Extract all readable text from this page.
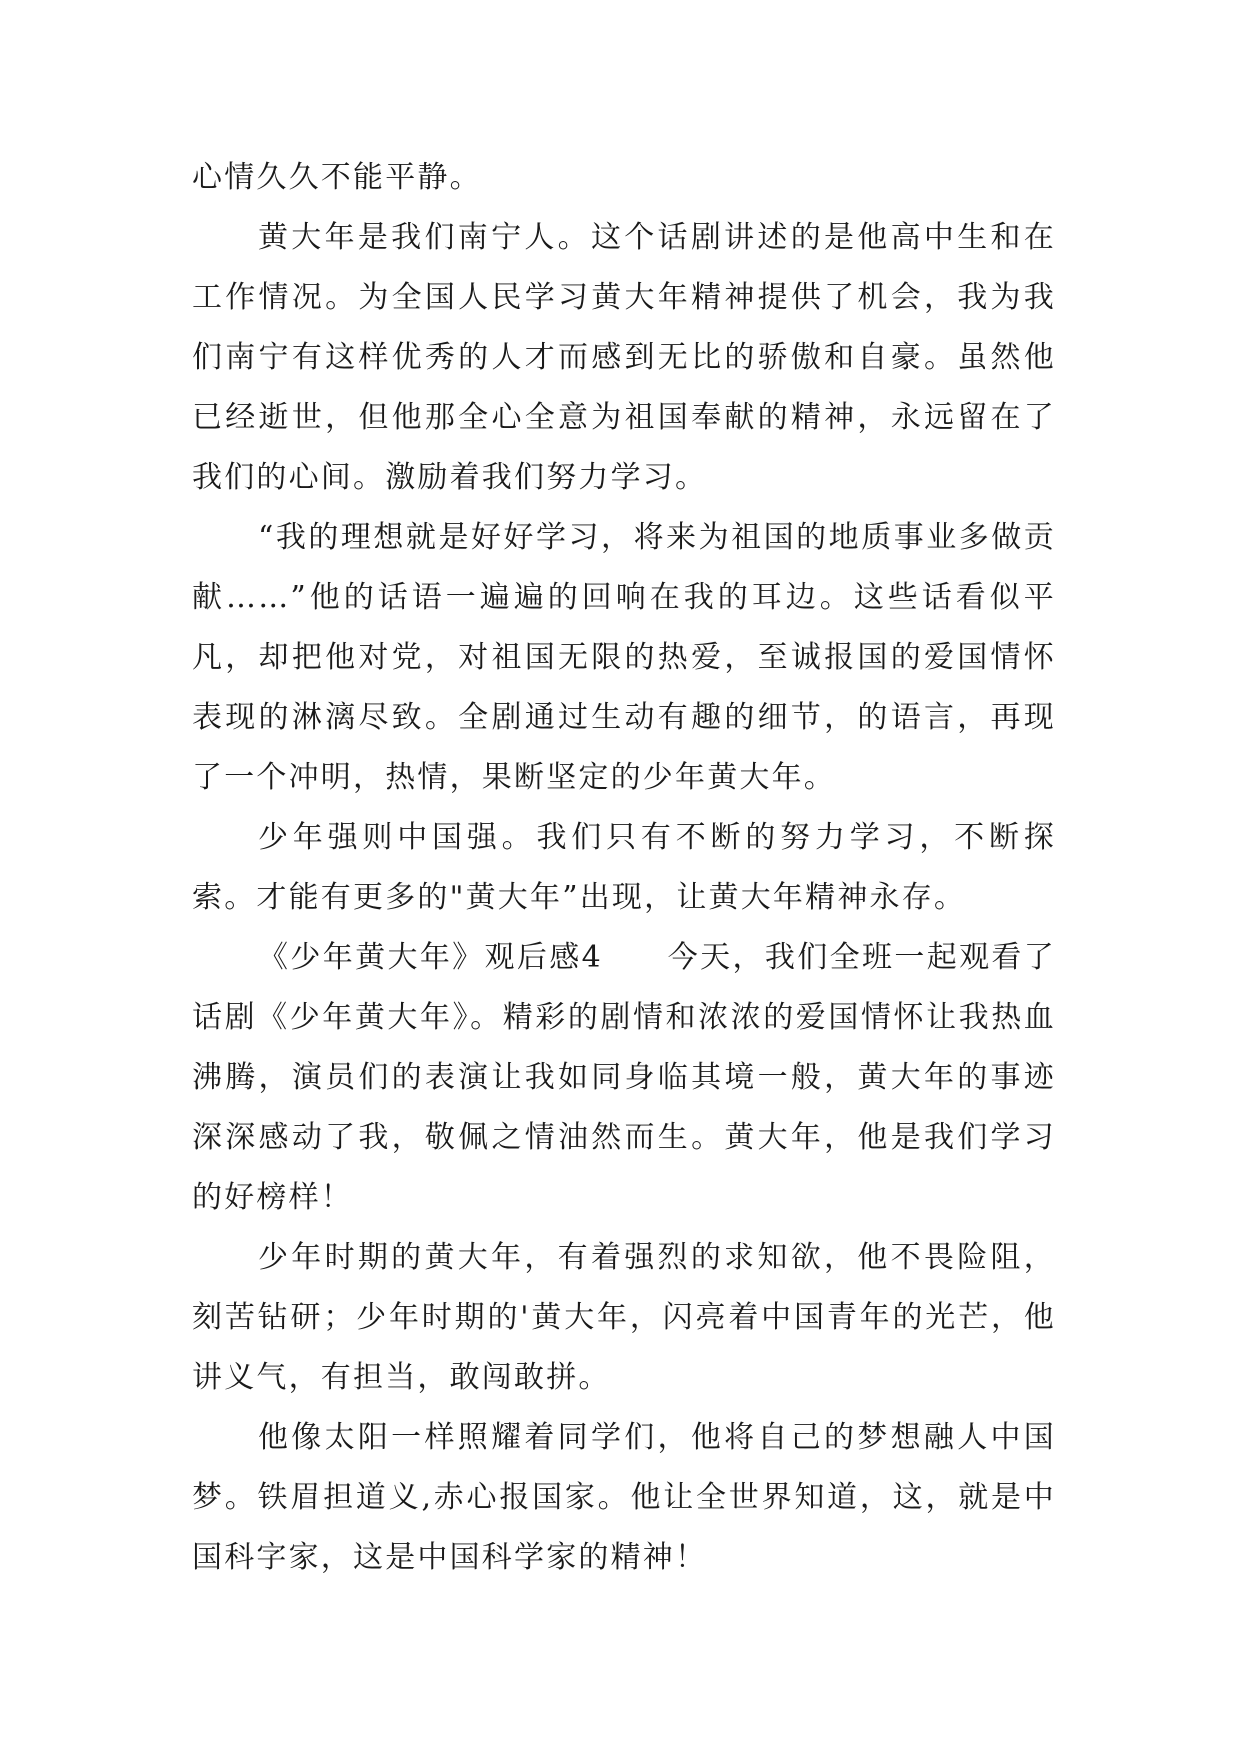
心情久久不能平静。

黄大年是我们南宁人。这个话剧讲述的是他高中生和在工作情况。为全国人民学习黄大年精神提供了机会，我为我们南宁有这样优秀的人才而感到无比的骄傲和自豪。虽然他已经逝世，但他那全心全意为祖国奉献的精神，永远留在了我们的心间。激励着我们努力学习。

“我的理想就是好好学习，将来为祖国的地质事业多做贡献……”他的话语一遍遍的回响在我的耳边。这些话看似平凡，却把他对党，对祖国无限的热爱，至诚报国的爱国情怀表现的淋漓尽致。全剧通过生动有趣的细节，的语言，再现了一个冲明，热情，果断坚定的少年黄大年。

少年强则中国强。我们只有不断的努力学习，不断探索。才能有更多的"黄大年”出现，让黄大年精神永存。

《少年黄大年》观后感4　　今天，我们全班一起观看了话剧《少年黄大年》。精彩的剧情和浓浓的爱国情怀让我热血沸腾，演员们的表演让我如同身临其境一般，黄大年的事迹深深感动了我，敬佩之情油然而生。黄大年，他是我们学习的好榜样！

少年时期的黄大年，有着强烈的求知欲，他不畏险阻，刻苦钻研；少年时期的'黄大年，闪亮着中国青年的光芒，他讲义气，有担当，敢闯敢拼。

他像太阳一样照耀着同学们，他将自己的梦想融人中国梦。铁眉担道义,赤心报国家。他让全世界知道，这，就是中国科字家，这是中国科学家的精神！
